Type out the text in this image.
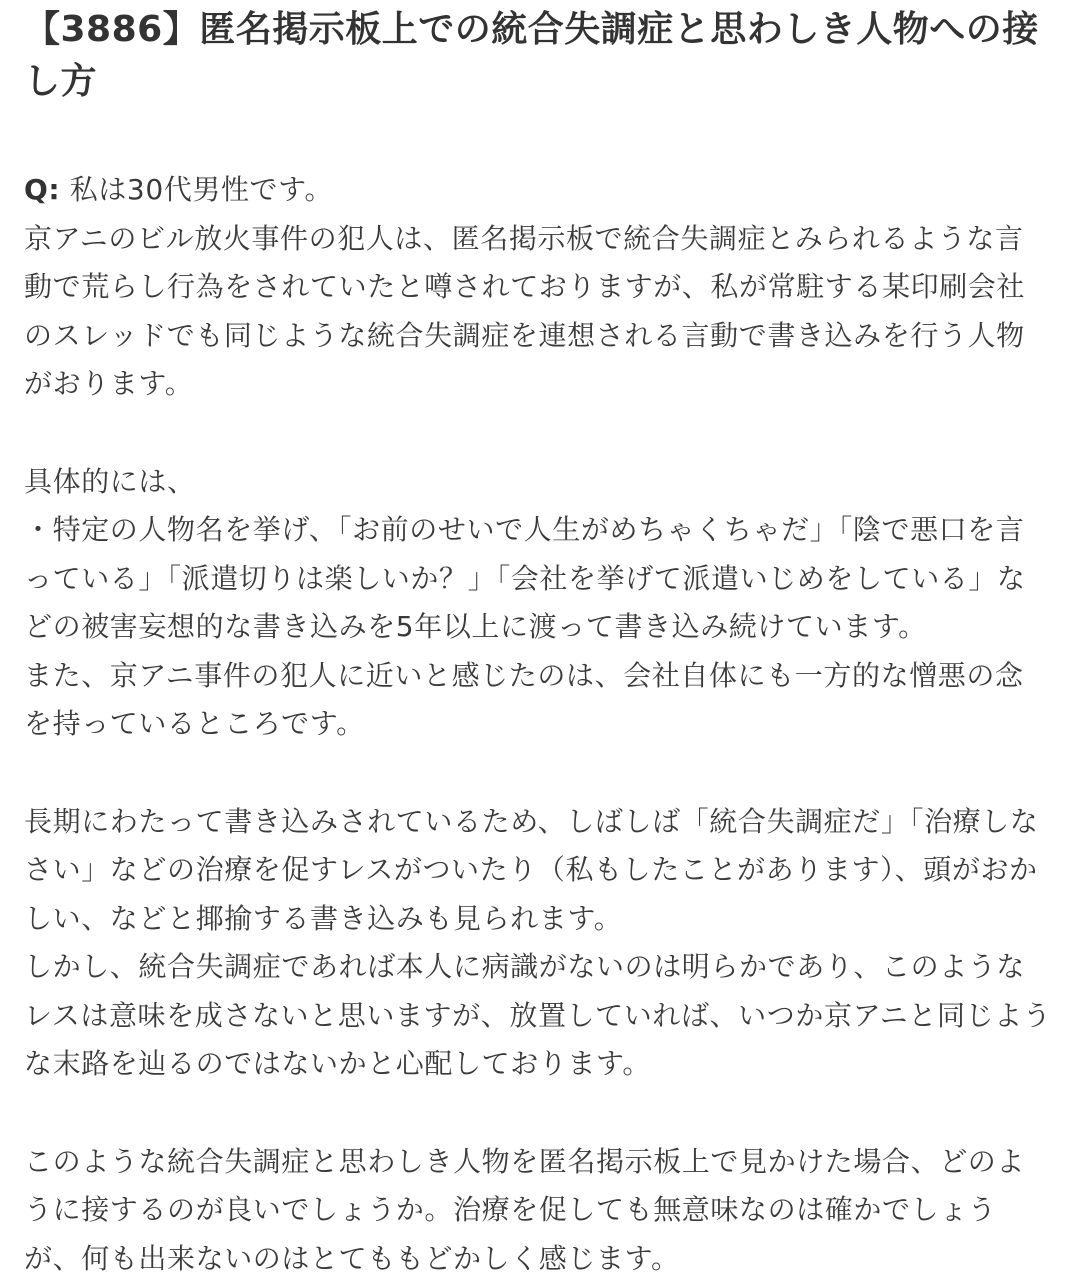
【3886】匿名掲示板上での統合失調症と思わしき人物への接し方

Q: 私は30代男性です。

京アニのビル放火事件の犯人は、匿名掲示板で統合失調症とみられるような言動で荒らし行為をされていたと噂されておりますが、私が常駐する某印刷会社のスレッドでも同じような統合失調症を連想される言動で書き込みを行う人物がおります。

具体的には、

・特定の人物名を挙げ、「お前のせいで人生がめちゃくちゃだ」「陰で悪口を言っている」「派遣切りは楽しいか？」「会社を挙げて派遣いじめをしている」などの被害妄想的な書き込みを5年以上に渡って書き込み続けています。

また、京アニ事件の犯人に近いと感じたのは、会社自体にも一方的な憎悪の念を持っているところです。

長期にわたって書き込みされているため、しばしば「統合失調症だ」「治療しなさい」などの治療を促すレスがついたり（私もしたことがあります）、頭がおかしい、などと揶揄する書き込みも見られます。

しかし、統合失調症であれば本人に病識がないのは明らかであり、このようなレスは意味を成さないと思いますが、放置していれば、いつか京アニと同じような末路を辿るのではないかと心配しております。

このような統合失調症と思わしき人物を匿名掲示板上で見かけた場合、どのように接するのが良いでしょうか。治療を促しても無意味なのは確かでしょうが、何も出来ないのはとてももどかしく感じます。
